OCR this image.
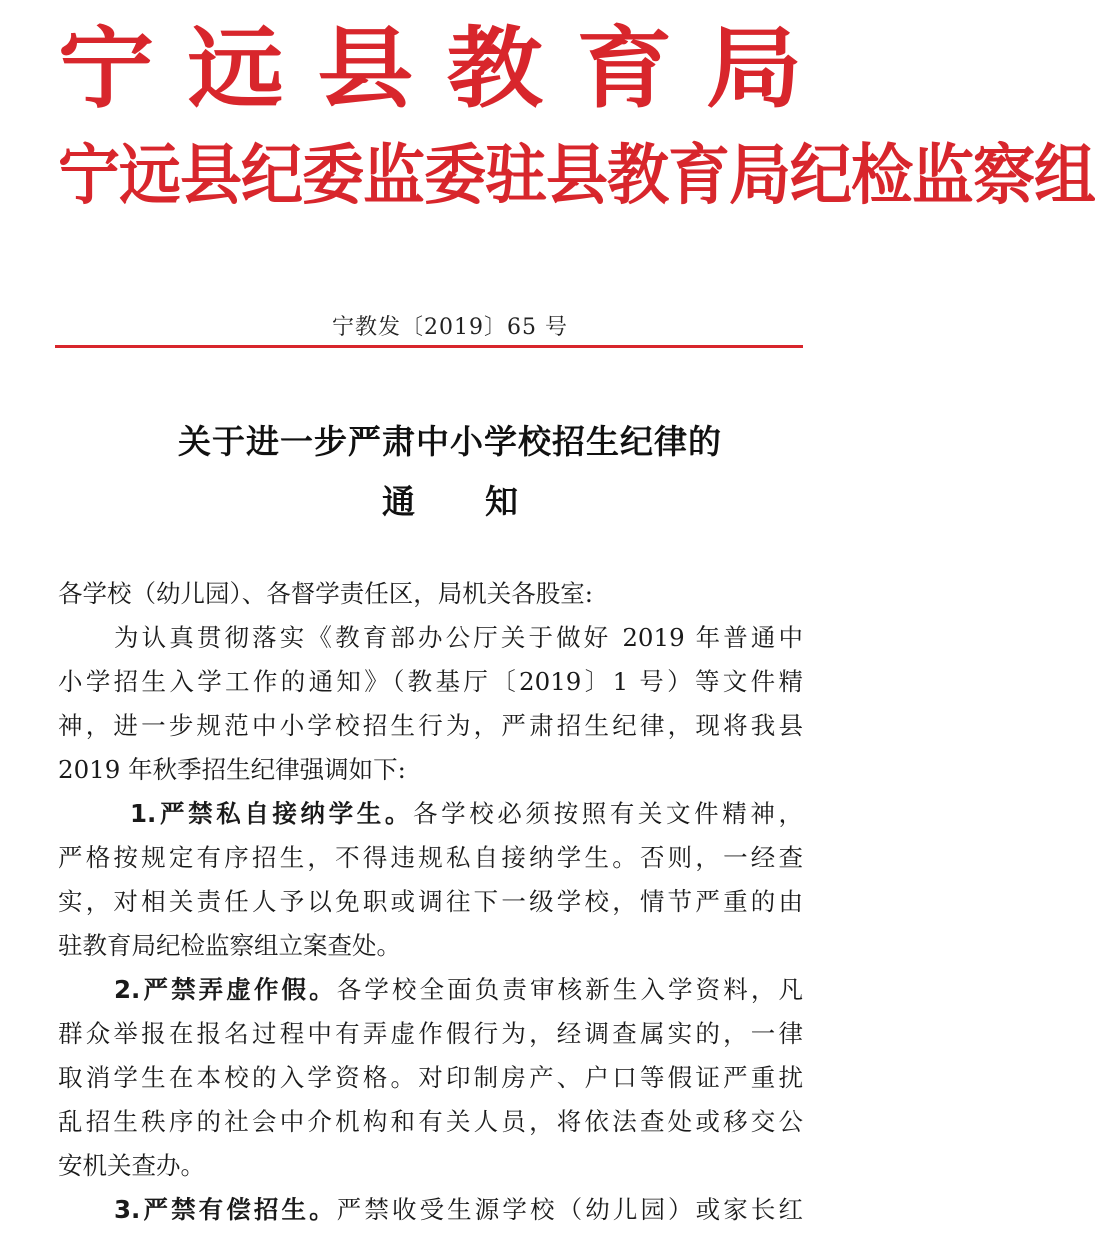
宁 远 县 教 育 局
宁远县纪委监委驻县教育局纪检监察组
宁教发〔2019〕65 号
关于进一步严肃中小学校招生纪律的
通 知
各学校（幼儿园）、各督学责任区，局机关各股室:
为认真贯彻落实《教育部办公厅关于做好 2019 年普通中
小学招生入学工作的通知》（教基厅〔2019〕1 号）等文件精
神，进一步规范中小学校招生行为，严肃招生纪律，现将我县
2019 年秋季招生纪律强调如下:
1.严禁私自接纳学生。各学校必须按照有关文件精神，
严格按规定有序招生，不得违规私自接纳学生。否则，一经查
实，对相关责任人予以免职或调往下一级学校，情节严重的由
驻教育局纪检监察组立案查处。
2.严禁弄虚作假。各学校全面负责审核新生入学资料，凡
群众举报在报名过程中有弄虚作假行为，经调查属实的，一律
取消学生在本校的入学资格。对印制房产、户口等假证严重扰
乱招生秩序的社会中介机构和有关人员，将依法查处或移交公
安机关查办。
3.严禁有偿招生。严禁收受生源学校（幼儿园）或家长红
